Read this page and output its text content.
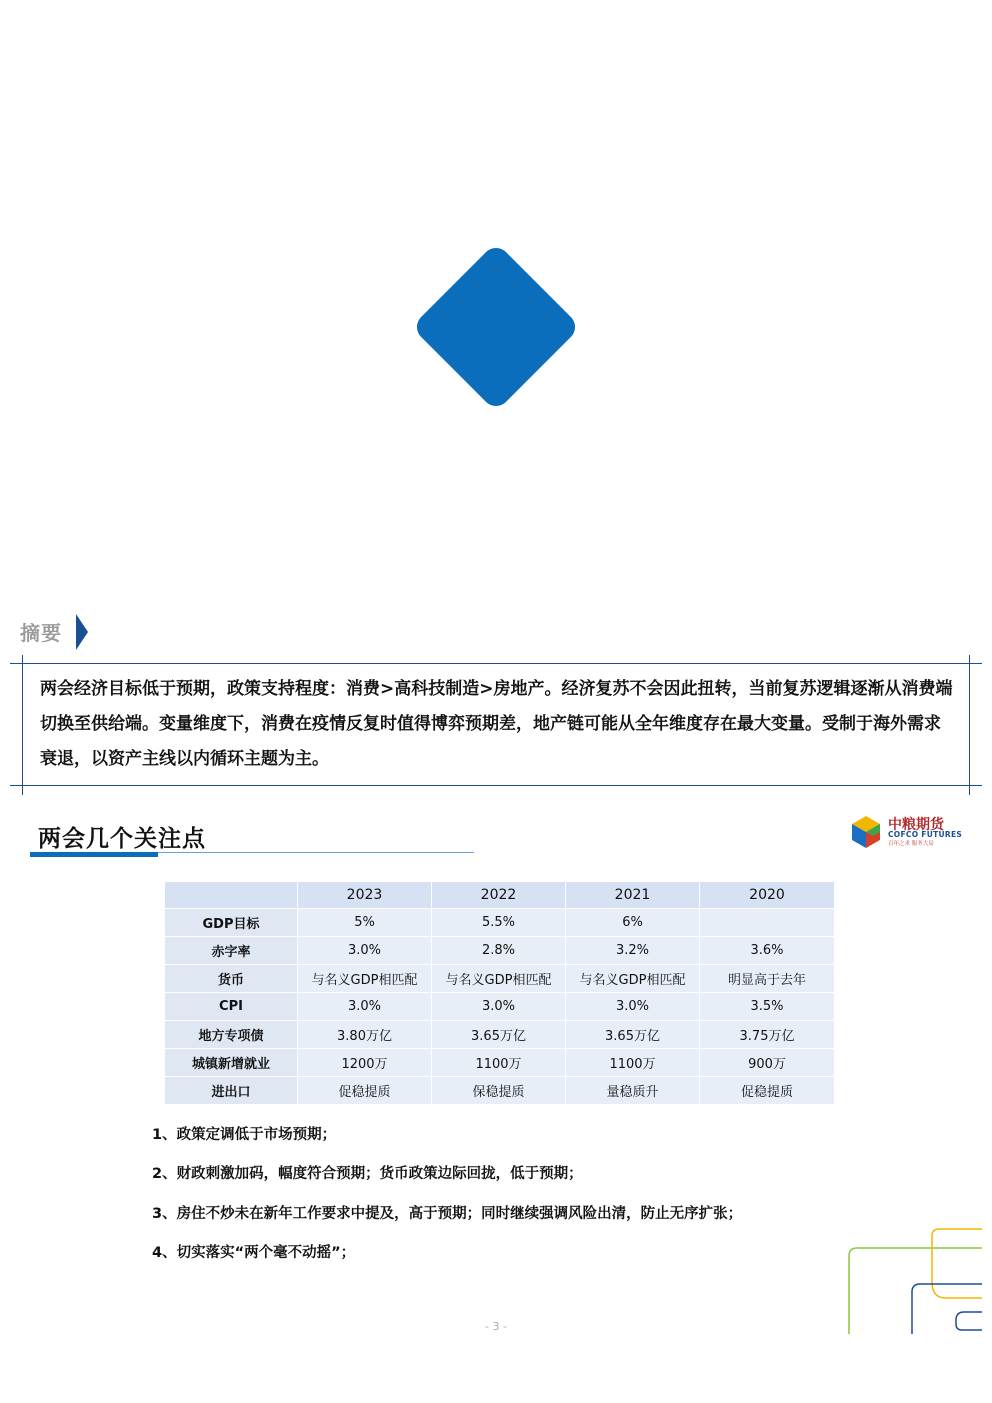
摘要
两会经济目标低于预期，政策支持程度：消费>高科技制造>房地产。经济复苏不会因此扭转，当前复苏逻辑逐渐从消费端切换至供给端。变量维度下，消费在疫情反复时值得博弈预期差，地产链可能从全年维度存在最大变量。受制于海外需求衰退，以资产主线以内循环主题为主。
两会几个关注点
中粮期货
COFCO FUTURES
百年之求 服务大局
	2023	2022	2021	2020
GDP目标	5%	5.5%	6%	
赤字率	3.0%	2.8%	3.2%	3.6%
货币	与名义GDP相匹配	与名义GDP相匹配	与名义GDP相匹配	明显高于去年
CPI	3.0%	3.0%	3.0%	3.5%
地方专项债	3.80万亿	3.65万亿	3.65万亿	3.75万亿
城镇新增就业	1200万	1100万	1100万	900万
进出口	促稳提质	保稳提质	量稳质升	促稳提质
1、政策定调低于市场预期；
2、财政刺激加码，幅度符合预期；货币政策边际回拢，低于预期；
3、房住不炒未在新年工作要求中提及，高于预期；同时继续强调风险出清，防止无序扩张；
4、切实落实“两个毫不动摇”；
- 3 -
